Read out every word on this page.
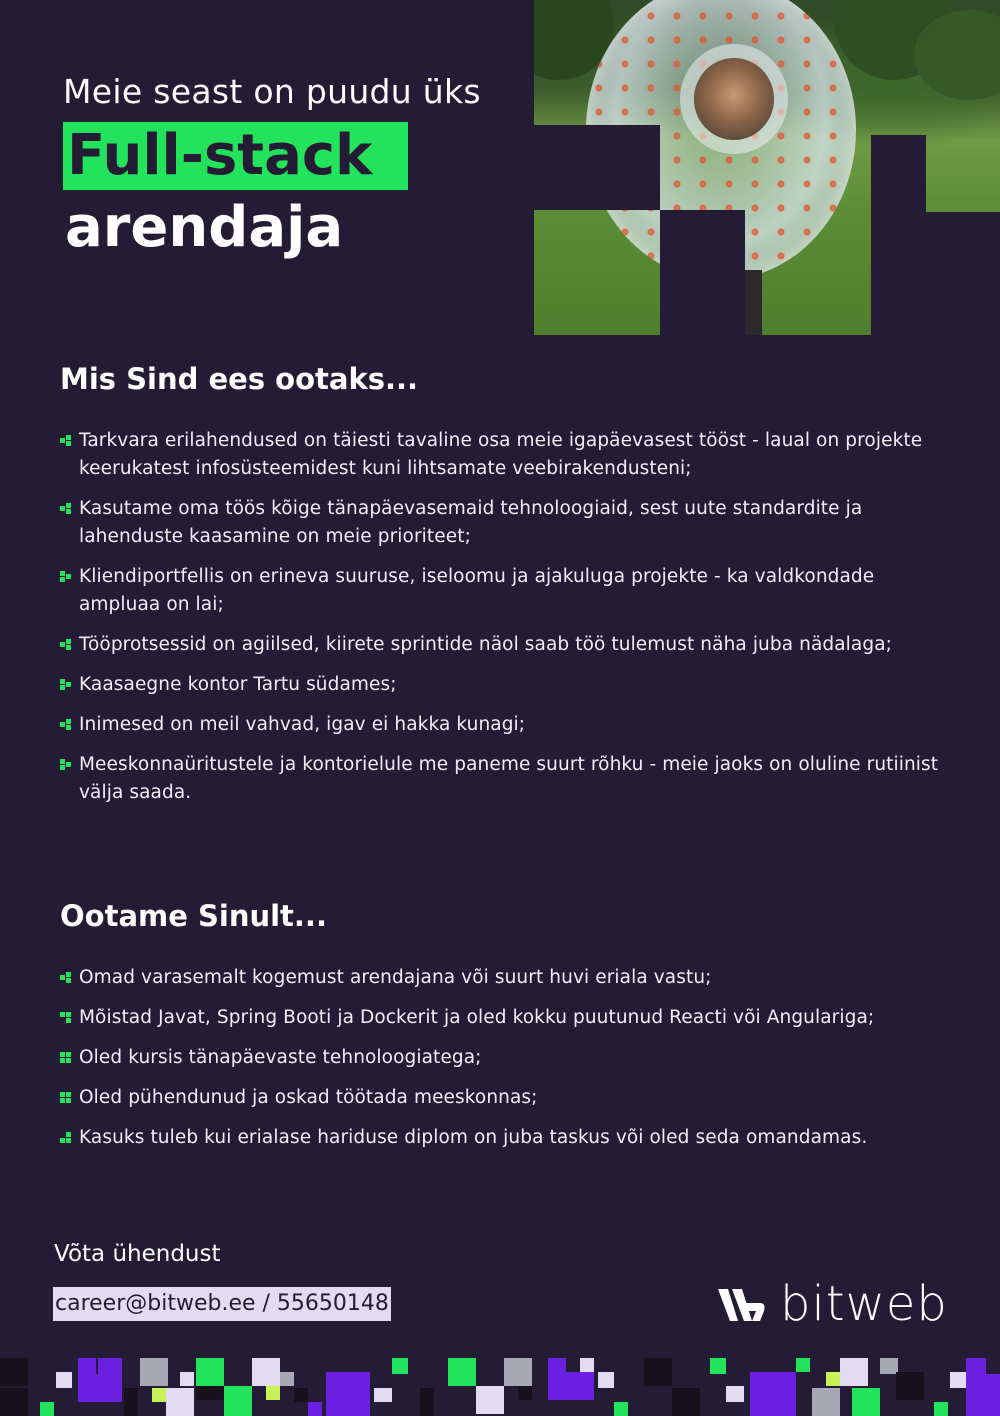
Meie seast on puudu üks

Full-stack
arendaja
Mis Sind ees ootaks...
Tarkvara erilahendused on täiesti tavaline osa meie igapäevasest tööst - laual on projekte keerukatest infosüsteemidest kuni lihtsamate veebirakendusteni;
Kasutame oma töös kõige tänapäevasemaid tehnoloogiaid, sest uute standardite ja lahenduste kaasamine on meie prioriteet;
Kliendiportfellis on erineva suuruse, iseloomu ja ajakuluga projekte - ka valdkondade ampluaa on lai;
Tööprotsessid on agiilsed, kiirete sprintide näol saab töö tulemust näha juba nädalaga;
Kaasaegne kontor Tartu südames;
Inimesed on meil vahvad, igav ei hakka kunagi;
Meeskonnaüritustele ja kontorielule me paneme suurt rõhku - meie jaoks on oluline rutiinist välja saada.
Ootame Sinult...
Omad varasemalt kogemust arendajana või suurt huvi eriala vastu;
Mõistad Javat, Spring Booti ja Dockerit ja oled kokku puutunud Reacti või Angulariga;
Oled kursis tänapäevaste tehnoloogiatega;
Oled pühendunud ja oskad töötada meeskonnas;
Kasuks tuleb kui erialase hariduse diplom on juba taskus või oled seda omandamas.

Võta ühendust

career@bitweb.ee / 55650148	bitweb
